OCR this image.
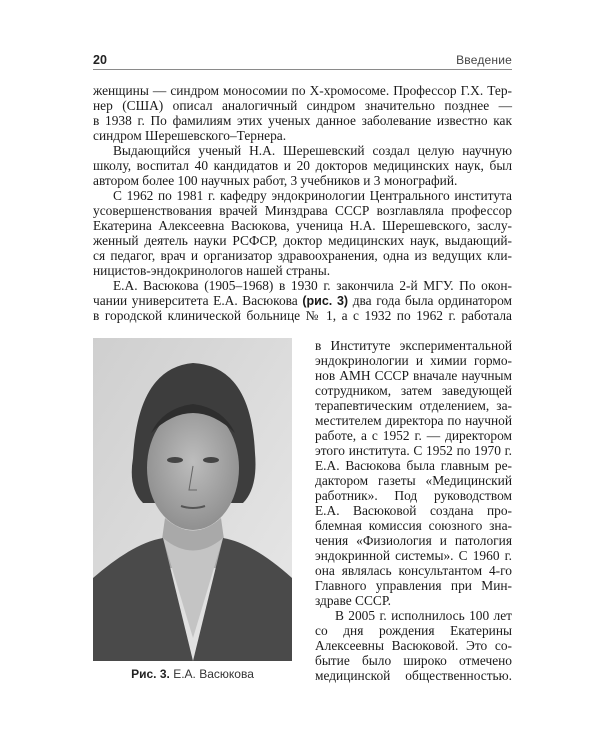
20	Введение
женщины — синдром моносомии по Х-хромосоме. Профессор Г.Х. Тер-
нер (США) описал аналогичный синдром значительно позднее —
в 1938 г. По фамилиям этих ученых данное заболевание известно как
синдром Шерешевского–Тернера.
Выдающийся ученый Н.А. Шерешевский создал целую научную
школу, воспитал 40 кандидатов и 20 докторов медицинских наук, был
автором более 100 научных работ, 3 учебников и 3 монографий.
С 1962 по 1981 г. кафедру эндокринологии Центрального института
усовершенствования врачей Минздрава СССР возглавляла профессор
Екатерина Алексеевна Васюкова, ученица Н.А. Шерешевского, заслу-
женный деятель науки РСФСР, доктор медицинских наук, выдающий-
ся педагог, врач и организатор здравоохранения, одна из ведущих кли-
ницистов-эндокринологов нашей страны.
Е.А. Васюкова (1905–1968) в 1930 г. закончила 2-й МГУ. По окон-
чании университета Е.А. Васюкова (рис. 3) два года была ординатором
в городской клинической больнице № 1, а с 1932 по 1962 г. работала
Рис. 3. Е.А. Васюкова
в Институте экспериментальной
эндокринологии и химии гормо-
нов АМН СССР вначале научным
сотрудником, затем заведующей
терапевтическим отделением, за-
местителем директора по научной
работе, а с 1952 г. — директором
этого института. С 1952 по 1970 г.
Е.А. Васюкова была главным ре-
дактором газеты «Медицинский
работник». Под руководством
Е.А. Васюковой создана про-
блемная комиссия союзного зна-
чения «Физиология и патология
эндокринной системы». С 1960 г.
она являлась консультантом 4-го
Главного управления при Мин-
здраве СССР.
В 2005 г. исполнилось 100 лет
со дня рождения Екатерины
Алексеевны Васюковой. Это со-
бытие было широко отмечено
медицинской общественностью.
